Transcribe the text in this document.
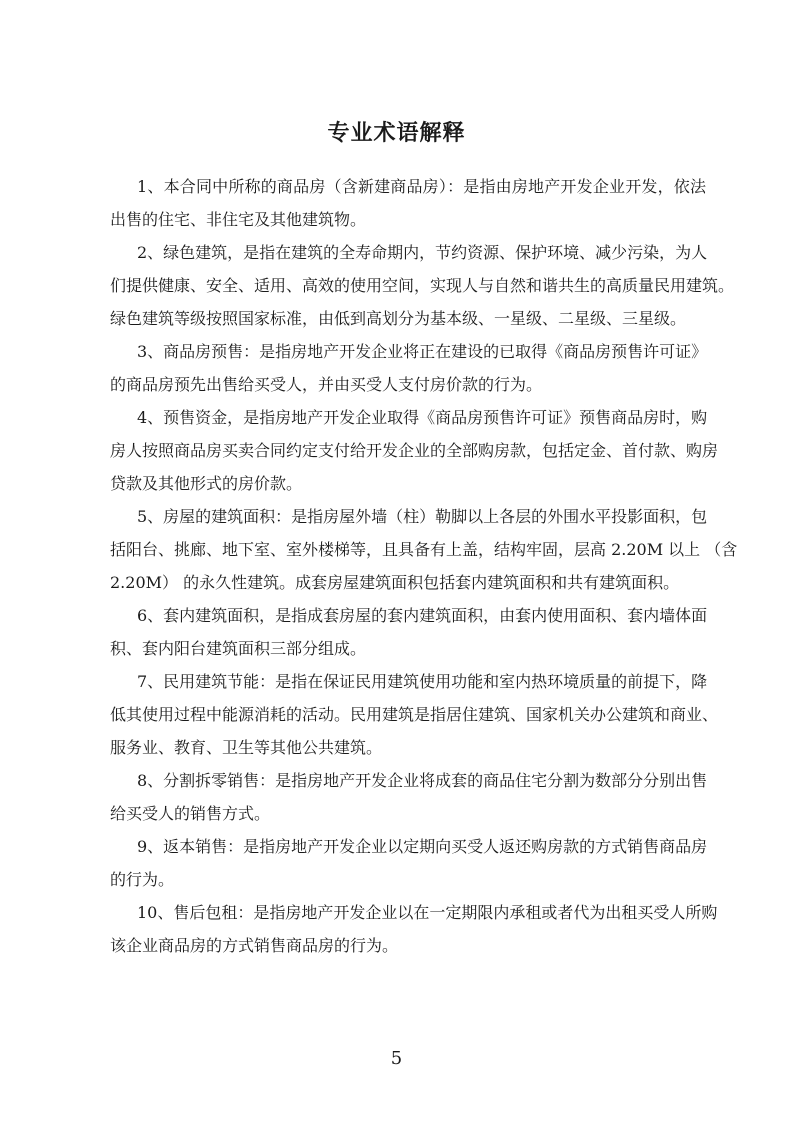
专业术语解释
1、本合同中所称的商品房（含新建商品房）：是指由房地产开发企业开发，依法
出售的住宅、非住宅及其他建筑物。
2、绿色建筑，是指在建筑的全寿命期内，节约资源、保护环境、减少污染，为人
们提供健康、安全、适用、高效的使用空间，实现人与自然和谐共生的高质量民用建筑。
绿色建筑等级按照国家标准，由低到高划分为基本级、一星级、二星级、三星级。
3、商品房预售：是指房地产开发企业将正在建设的已取得《商品房预售许可证》
的商品房预先出售给买受人，并由买受人支付房价款的行为。
4、预售资金，是指房地产开发企业取得《商品房预售许可证》预售商品房时，购
房人按照商品房买卖合同约定支付给开发企业的全部购房款，包括定金、首付款、购房
贷款及其他形式的房价款。
5、房屋的建筑面积：是指房屋外墙（柱）勒脚以上各层的外围水平投影面积，包
括阳台、挑廊、地下室、室外楼梯等，且具备有上盖，结构牢固，层高 2.20M 以上 （含
2.20M） 的永久性建筑。成套房屋建筑面积包括套内建筑面积和共有建筑面积。
6、套内建筑面积，是指成套房屋的套内建筑面积，由套内使用面积、套内墙体面
积、套内阳台建筑面积三部分组成。
7、民用建筑节能：是指在保证民用建筑使用功能和室内热环境质量的前提下，降
低其使用过程中能源消耗的活动。民用建筑是指居住建筑、国家机关办公建筑和商业、
服务业、教育、卫生等其他公共建筑。
8、分割拆零销售：是指房地产开发企业将成套的商品住宅分割为数部分分别出售
给买受人的销售方式。
9、返本销售：是指房地产开发企业以定期向买受人返还购房款的方式销售商品房
的行为。
10、售后包租：是指房地产开发企业以在一定期限内承租或者代为出租买受人所购
该企业商品房的方式销售商品房的行为。
5
